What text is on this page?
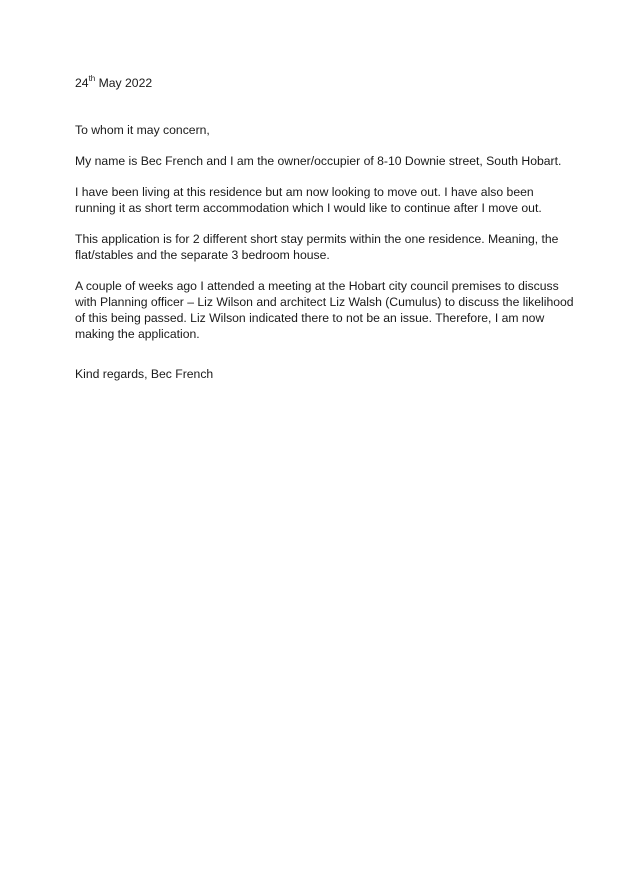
24th May 2022

To whom it may concern,

My name is Bec French and I am the owner/occupier of 8-10 Downie street, South Hobart.

I have been living at this residence but am now looking to move out. I have also been
running it as short term accommodation which I would like to continue after I move out.

This application is for 2 different short stay permits within the one residence. Meaning, the
flat/stables and the separate 3 bedroom house.

A couple of weeks ago I attended a meeting at the Hobart city council premises to discuss
with Planning officer – Liz Wilson and architect Liz Walsh (Cumulus) to discuss the likelihood
of this being passed. Liz Wilson indicated there to not be an issue. Therefore, I am now
making the application.

Kind regards, Bec French
